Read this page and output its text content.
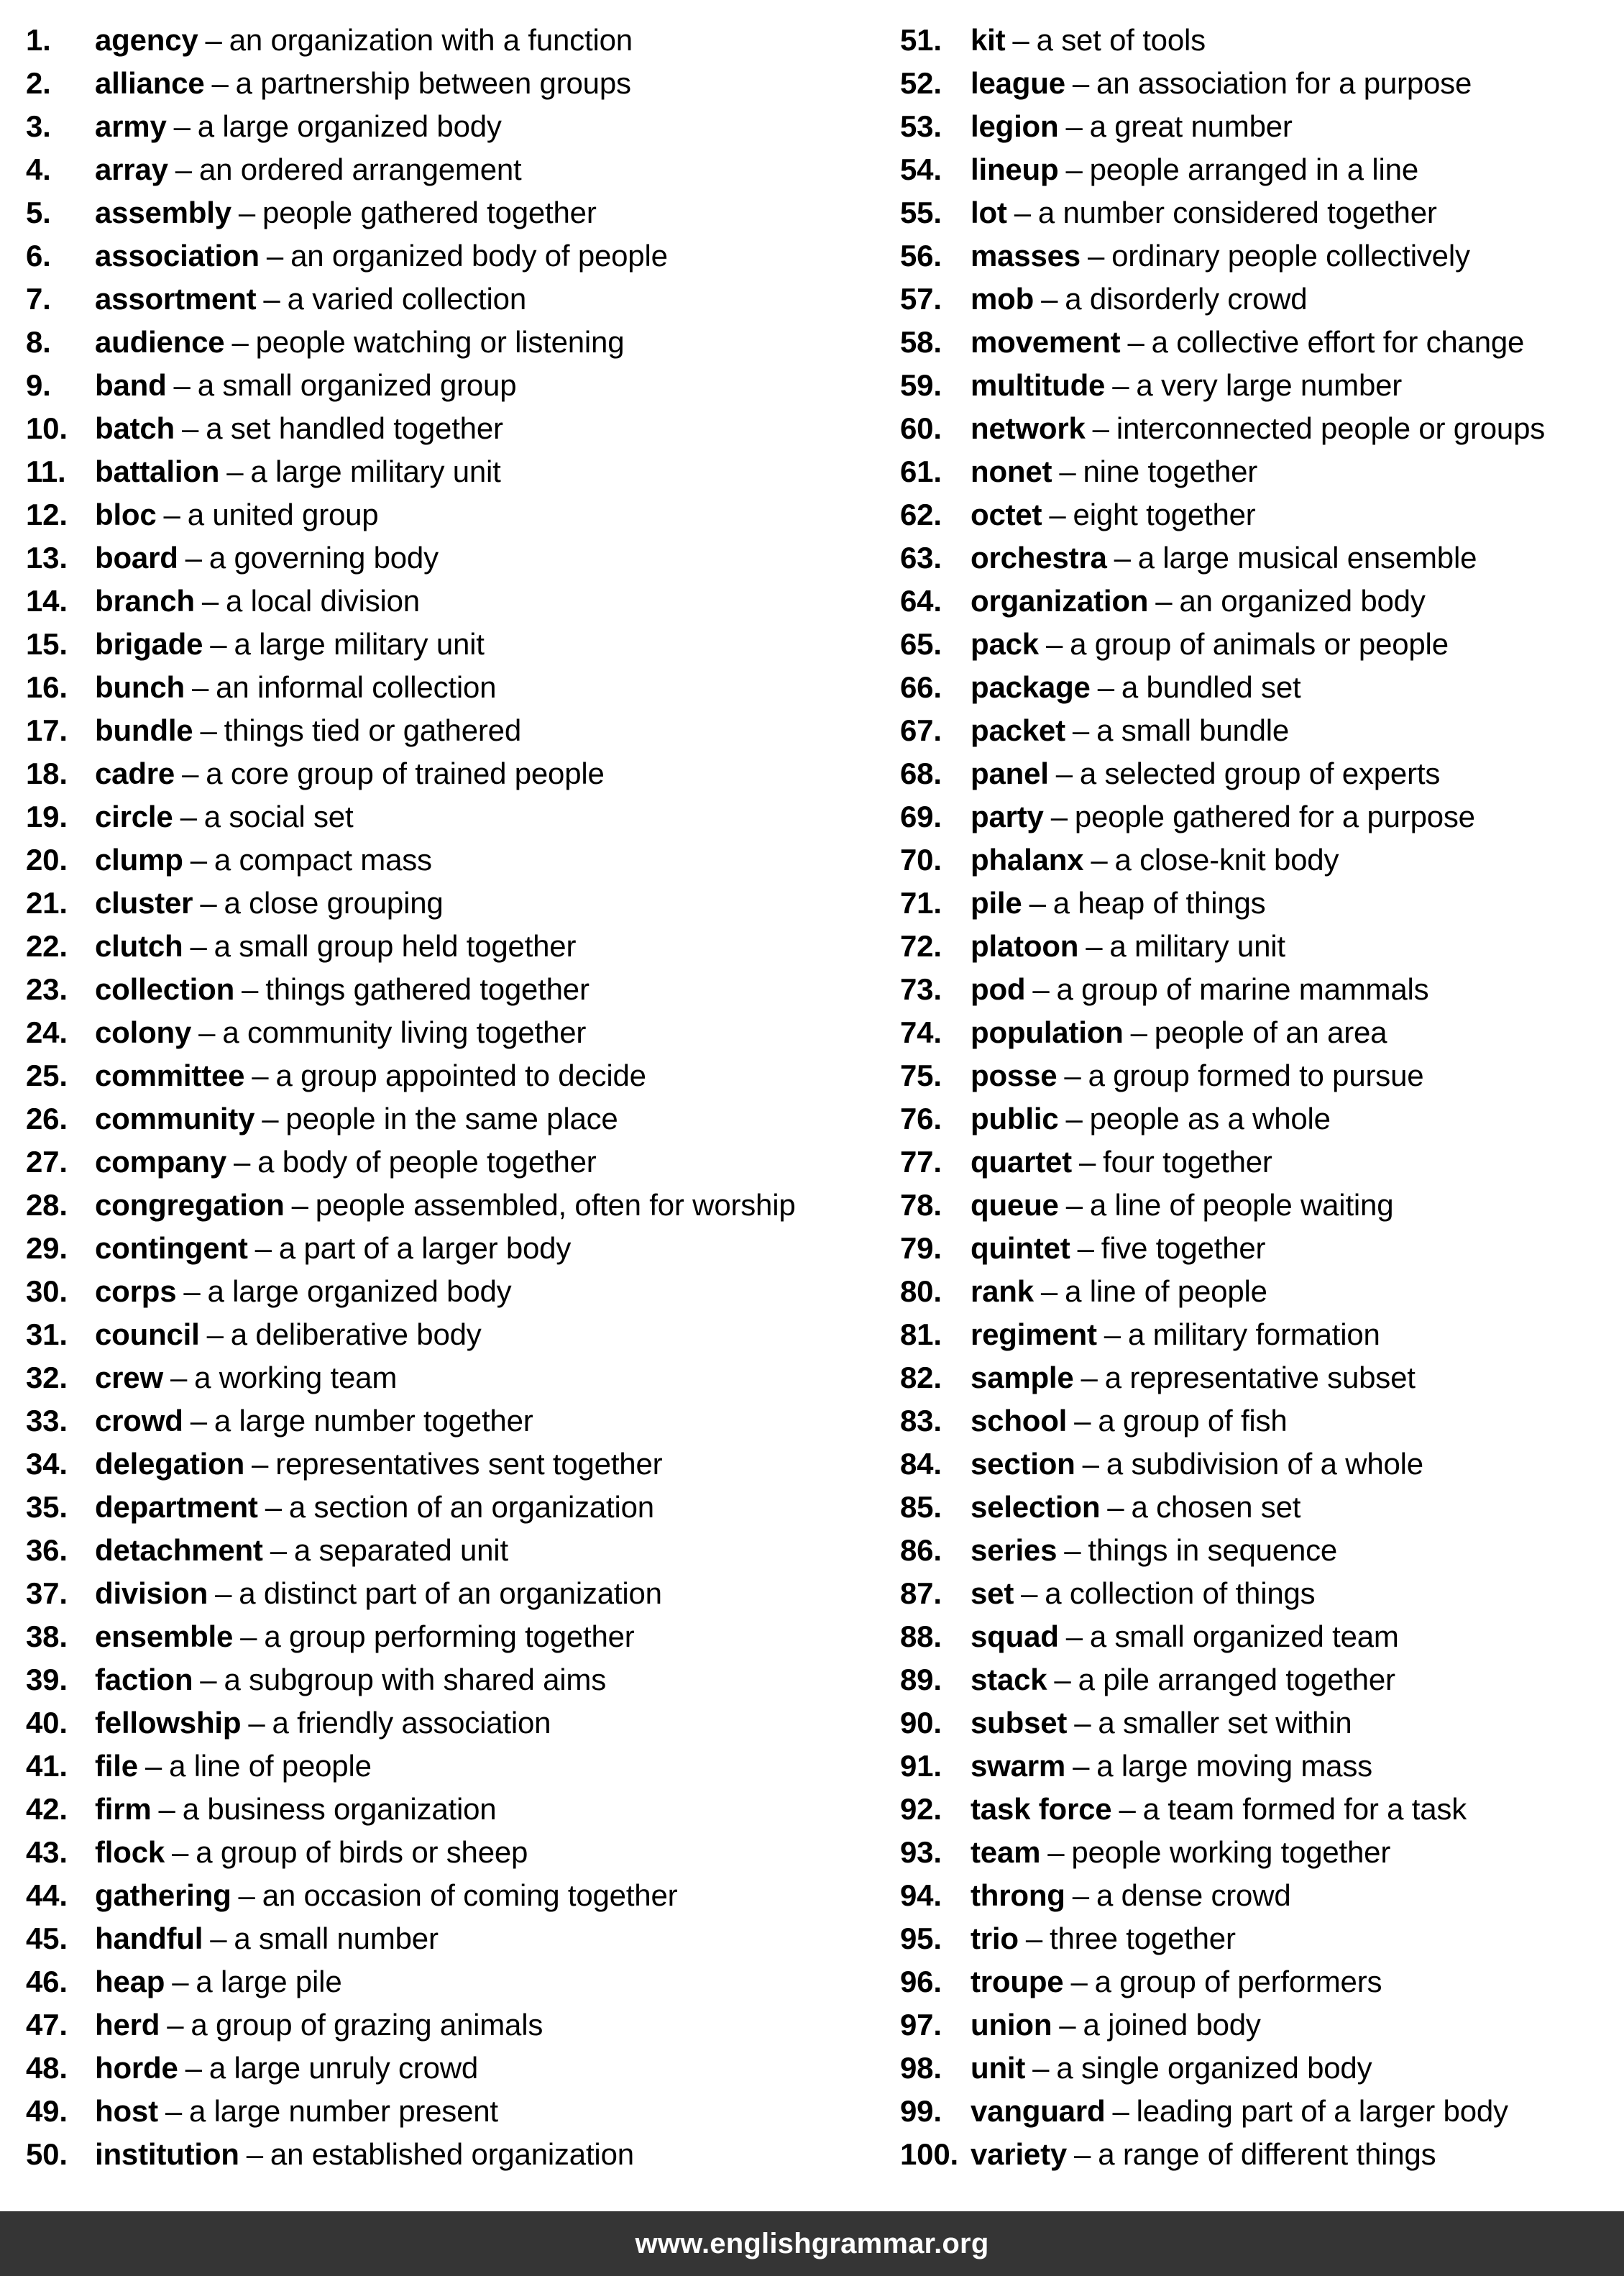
1.	agency – an organization with a function
2.	alliance – a partnership between groups
3.	army – a large organized body
4.	array – an ordered arrangement
5.	assembly – people gathered together
6.	association – an organized body of people
7.	assortment – a varied collection
8.	audience – people watching or listening
9.	band – a small organized group
10. batch – a set handled together
11. battalion – a large military unit
12. bloc – a united group
13. board – a governing body
14. branch – a local division
15. brigade – a large military unit
16. bunch – an informal collection
17. bundle – things tied or gathered
18. cadre – a core group of trained people
19. circle – a social set
20. clump – a compact mass
21. cluster – a close grouping
22. clutch – a small group held together
23. collection – things gathered together
24. colony – a community living together
25. committee – a group appointed to decide
26. community – people in the same place
27. company – a body of people together
28. congregation – people assembled, often for worship
29. contingent – a part of a larger body
30. corps – a large organized body
31. council – a deliberative body
32. crew – a working team
33. crowd – a large number together
34. delegation – representatives sent together
35. department – a section of an organization
36. detachment – a separated unit
37. division – a distinct part of an organization
38. ensemble – a group performing together
39. faction – a subgroup with shared aims
40. fellowship – a friendly association
41. file – a line of people
42. firm – a business organization
43. flock – a group of birds or sheep
44. gathering – an occasion of coming together
45. handful – a small number
46. heap – a large pile
47. herd – a group of grazing animals
48. horde – a large unruly crowd
49. host – a large number present
50. institution – an established organization
51. kit – a set of tools
52. league – an association for a purpose
53. legion – a great number
54. lineup – people arranged in a line
55. lot – a number considered together
56. masses – ordinary people collectively
57. mob – a disorderly crowd
58. movement – a collective effort for change
59. multitude – a very large number
60. network – interconnected people or groups
61. nonet – nine together
62. octet – eight together
63. orchestra – a large musical ensemble
64. organization – an organized body
65. pack – a group of animals or people
66. package – a bundled set
67. packet – a small bundle
68. panel – a selected group of experts
69. party – people gathered for a purpose
70. phalanx – a close-knit body
71. pile – a heap of things
72. platoon – a military unit
73. pod – a group of marine mammals
74. population – people of an area
75. posse – a group formed to pursue
76. public – people as a whole
77. quartet – four together
78. queue – a line of people waiting
79. quintet – five together
80. rank – a line of people
81. regiment – a military formation
82. sample – a representative subset
83. school – a group of fish
84. section – a subdivision of a whole
85. selection – a chosen set
86. series – things in sequence
87. set – a collection of things
88. squad – a small organized team
89. stack – a pile arranged together
90. subset – a smaller set within
91. swarm – a large moving mass
92. task force – a team formed for a task
93. team – people working together
94. throng – a dense crowd
95. trio – three together
96. troupe – a group of performers
97. union – a joined body
98. unit – a single organized body
99. vanguard – leading part of a larger body
100. variety – a range of different things
www.englishgrammar.org
